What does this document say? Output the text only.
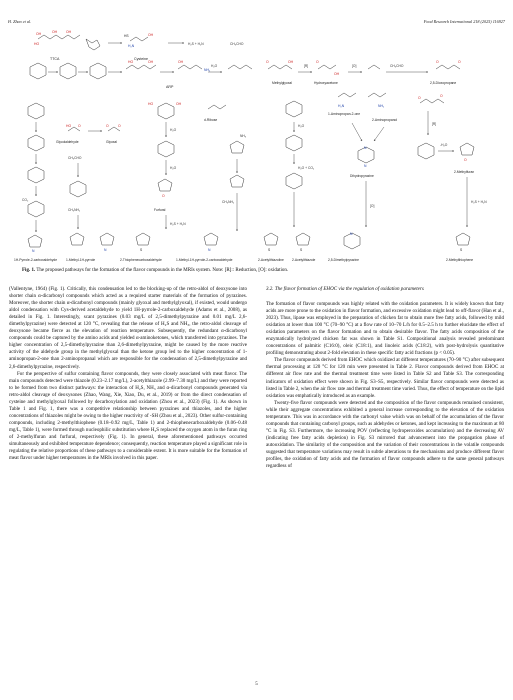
H. Zhao et al.	Food Research International 218 (2025) 116927
OH	OH	OH
HO
TTCA
H₂N
OH
HS
Cysteine
H₂S + H₂N	CH₃CHO
HO	OH
ARP
OH
NH₂
H₂O
O	OH
[R]
O
OH
[O]	CH₃CHO
O	O
Methylglyoxal	Hydroxyacetone	2,5-Dioxopropane
CO₂
N
1H-Pyrrole-2-carboxaldehyde
HO O
Glycolaldehyde
O	O
Glyoxal
CH₃CHO
CH₃NH₂
HO	OH
H₂O
H₂O
O
Furfural
H₂S + H₂N
d-Ribose
NH₃
CH₃NH₂
H₂O
H₂O + CO₂
H₂N	NH₂
1-Aminopropan-2-one
2-Aminopropanol
N
N
Dihydropyrazine
[O]
O	O
[R]
-H₂O
O
2-Methylfuran
H₂S + H₂N
N	S	N	S	S
N
S
1-Methyl-1H-pyrrole	2-Thiophenecarboxaldehyde	1-Methyl-1H-pyrrole-2-carboxaldehyde	2-Acetylthiazoline 2-Acetylthiazole	2,5-Dimethylpyrazine	2-Methylthiophene
Fig. 1. The proposed pathways for the formation of the flavor compounds in the MRIs system. Note: [R]:: Reduction, [O]: oxidation.

(Vallentyne, 1964) (Fig. 1). Critically, this condensation led to the blocking-up of the retro-aldol of deoxysone into shorter chain α-dicarbonyl compounds which acted as a required starter materials of the formation of pyrazines. Moreover, the shorter chain α-dicarbonyl compounds (mainly glyoxal and methylglyoxal), if existed, would undergo aldol condensation with Cys-derived acetaldehyde to yield 1H-pyrrole-2-carboxaldehyde (Adams et al., 2008), as detailed in Fig. 1. Interestingly, scant pyrazines (0.03 mg/L of 2,5-dimethylpyrazine and 0.01 mg/L 2,6-dimethylpyrazine) were detected at 120 °C, revealing that the release of H₂S and NH₃, the retro-aldol cleavage of deoxysone became fierce as the elevation of reaction temperature. Subsequently, the redundant α-dicarbonyl compounds could be captured by the amino acids and yielded α-aminoketones, which transferred into pyrazines. The higher concentration of 2,5-dimethylpyrazine than 2,6-dimethylpyrazine, might be caused by the more reactive activity of the aldehyde group in the methylglyoxal than the ketone group led to the higher concentration of 1-aminopropan-2-one than 2-aminopropanal which are responsible for the condensation of 2,5-dimethylpyrazine and 2,6-dimethylpyrazine, respectively.

For the perspective of sulfur containing flavor compounds, they were closely associated with meat flavor. The main compounds detected were thiazole (0.23–2.17 mg/L), 2-acetylthiazole (2.99–7.30 mg/L) and they were reported to be formed from two distinct pathways: the interaction of H₂S, NH₃ and α-dicarbonyl compounds generated via retro-aldol cleavage of deoxysones (Zhao, Wang, Xie, Xiao, Du, et al., 2019) or from the direct condensation of cysteine and methylglyoxal followed by decarboxylation and oxidation (Zhou et al., 2023) (Fig. 1). As shown in Table 1 and Fig. 1, there was a competitive relationship between pyrazines and thiazoles, and the higher concentrations of thiazoles might be owing to the higher reactivity of -SH (Zhou et al., 2023). Other sulfur-containing compounds, including 2-methylthiophene (0.18–0.92 mg/L, Table 1) and 2-thiophenecarboxaldehyde (0.06–0.48 mg/L, Table 1), were formed through nucleophilic substitution where H₂S replaced the oxygen atom in the furan ring of 2-methylfuran and furfural, respectively (Fig. 1). In general, these aforementioned pathways occurred simultaneously and exhibited temperature dependence; consequently, reaction temperature played a significant role in regulating the relative proportions of these pathways to a considerable extent. It is more suitable for the formation of meat flavor under higher temperatures in the MRIs involved in this paper.

3.2. The flavor formation of EHOC via the regulation of oxidation parameters

The formation of flavor compounds was highly related with the oxidation parameters. It is widely known that fatty acids are more prone to the oxidation in flavor formation, and excessive oxidation might lead to off-flavor (Han et al., 2023). Thus, lipase was employed in the preparation of chicken fat to obtain more free fatty acids, followed by mild oxidation at lower than 100 °C (70–90 °C) at a flow rate of 10–70 L/h for 0.5–2.5 h to further elucidate the effect of oxidation parameters on the flavor formation and to obtain desirable flavor. The fatty acids composition of the enzymatically hydrolyzed chicken fat was shown in Table S1. Compositional analysis revealed predominant concentrations of palmitic (C16:0), oleic (C18:1), and linoleic acids (C18:2), with post-hydrolysis quantitative profiling demonstrating about 2-fold elevation in these specific fatty acid fractions (p < 0.05).

The flavor compounds derived from EHOC which oxidized at different temperatures (70–90 °C) after subsequent thermal processing at 120 °C for 120 min were presented in Table 2. Flavor compounds derived from EHOC at different air flow rate and the thermal treatment time were listed in Table S2 and Table S3. The corresponding indicators of oxidation effect were shown in Fig. S3–S5, respectively. Similar flavor compounds were detected as listed in Table 2, when the air flow rate and thermal treatment time varied. Thus, the effect of temperature on the lipid oxidation was emphatically introduced as an example.

Twenty-five flavor compounds were detected and the composition of the flavor compounds remained consistent, while their aggregate concentrations exhibited a general increase corresponding to the elevation of the oxidation temperature. This was in accordance with the carbonyl value which was on behalf of the accumulation of the flavor compounds that containing carbonyl groups, such as aldehydes or ketones, and kept increasing to the maximum at 80 °C in Fig. S3. Furthermore, the increasing POV (reflecting hydroperoxides accumulation) and the decreasing AV (indicating free fatty acids depletion) in Fig. S3 mirrored that advancement into the propagation phase of autooxidation. The similarity of the composition and the variation of their concentrations in the volatile compounds suggested that temperature variations may result in subtle alterations to the mechanisms and produce different flavor profiles, the oxidation of fatty acids and the formation of flavor compounds adhere to the same general pathways regardless of

5
